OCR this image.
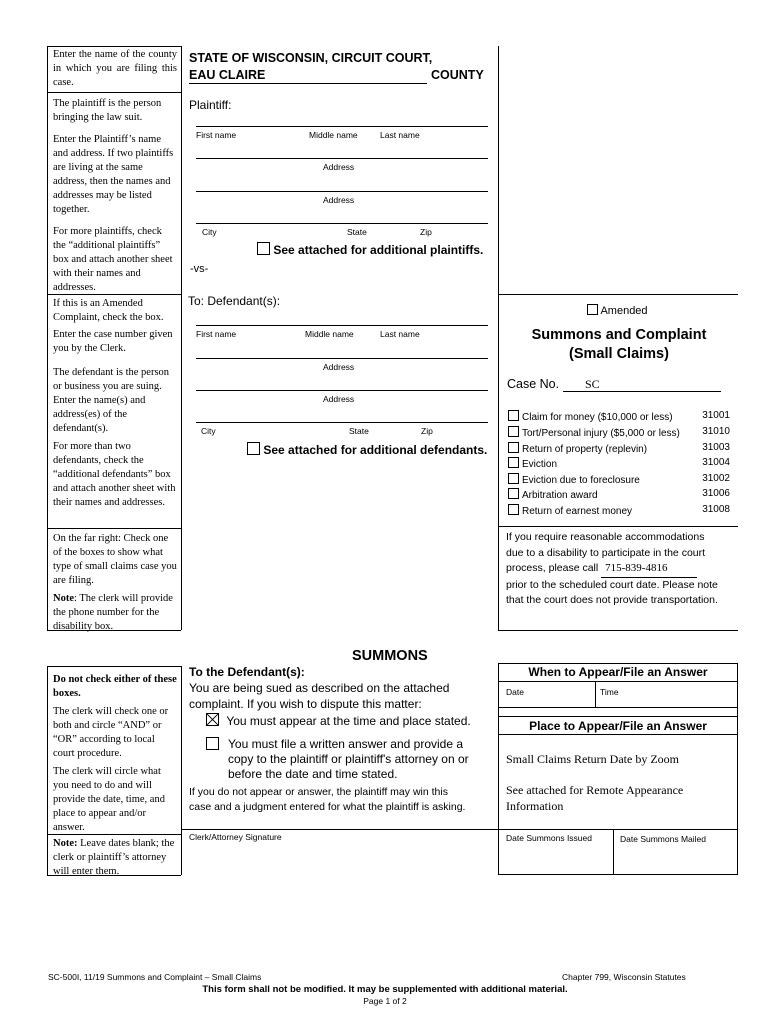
Enter the name of the county in which you are filing this case.
The plaintiff is the person bringing the law suit.
Enter the Plaintiff’s name and address. If two plaintiffs are living at the same address, then the names and addresses may be listed together.
For more plaintiffs, check the “additional plaintiffs” box and attach another sheet with their names and addresses.
If this is an Amended Complaint, check the box.
Enter the case number given you by the Clerk.
The defendant is the person or business you are suing. Enter the name(s) and address(es) of the defendant(s).
For more than two defendants, check the “additional defendants” box and attach another sheet with their names and addresses.
On the far right: Check one of the boxes to show what type of small claims case you are filing.
Note: The clerk will provide the phone number for the disability box.
STATE OF WISCONSIN, CIRCUIT COURT,
EAU CLAIRE	COUNTY
Plaintiff:
First name	Middle name	Last name
Address
Address
City	State	Zip
See attached for additional plaintiffs.
-vs-
Amended
Summons and Complaint
(Small Claims)
Case No.	SC
Claim for money ($10,000 or less)	31001
Tort/Personal injury ($5,000 or less) 31010
Return of property (replevin)	31003
Eviction	31004
Eviction due to foreclosure	31002
Arbitration award	31006
Return of earnest money	31008
If you require reasonable accommodations
due to a disability to participate in the court
process, please call 715-839-4816
prior to the scheduled court date. Please note
that the court does not provide transportation.
To: Defendant(s):
First name	Middle name	Last name
Address
Address
City	State	Zip
See attached for additional defendants.
SUMMONS
Do not check either of these boxes.
The clerk will check one or both and circle “AND” or “OR” according to local court procedure.
The clerk will circle what you need to do and will provide the date, time, and place to appear and/or answer.
Note: Leave dates blank; the clerk or plaintiff’s attorney will enter them.
To the Defendant(s):
You are being sued as described on the attached
complaint. If you wish to dispute this matter:
You must appear at the time and place stated.
You must file a written answer and provide a
copy to the plaintiff or plaintiff's attorney on or
before the date and time stated.
If you do not appear or answer, the plaintiff may win this
case and a judgment entered for what the plaintiff is asking.
Clerk/Attorney Signature
When to Appear/File an Answer
Date	Time
Place to Appear/File an Answer
Small Claims Return Date by Zoom
See attached for Remote Appearance
Information
Date Summons Issued	Date Summons Mailed
SC-500I, 11/19 Summons and Complaint – Small Claims	Chapter 799, Wisconsin Statutes
This form shall not be modified. It may be supplemented with additional material.
Page 1 of 2
